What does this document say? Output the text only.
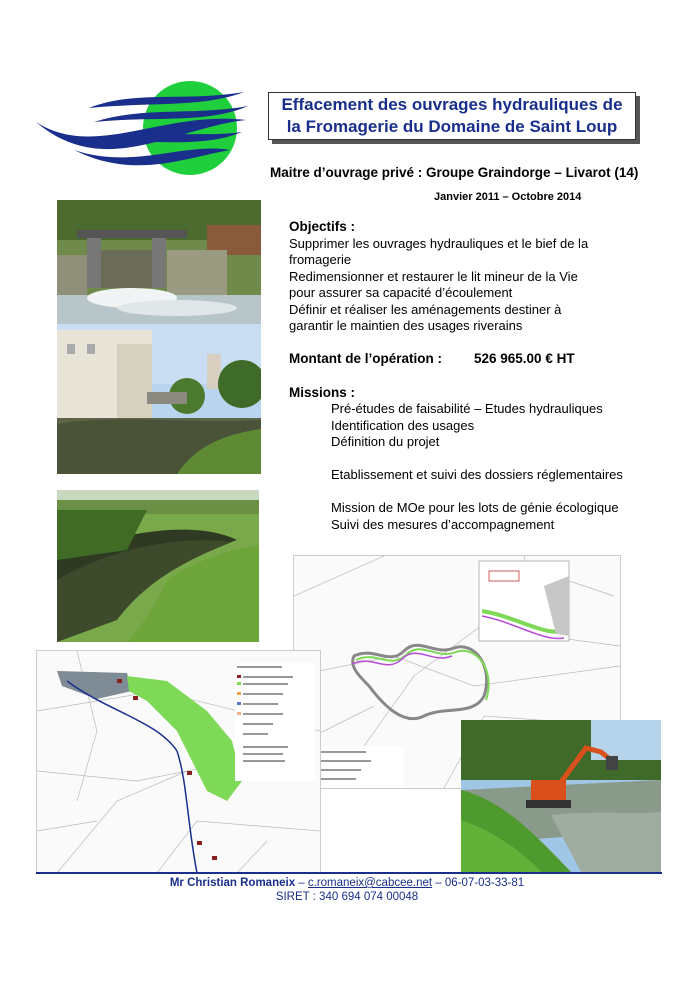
Effacement des ouvrages hydrauliques de
la Fromagerie du Domaine de Saint Loup
Maitre d’ouvrage privé : Groupe Graindorge – Livarot (14)
Janvier 2011 – Octobre 2014
Objectifs :
Supprimer les ouvrages hydrauliques et le bief de la
fromagerie
Redimensionner et restaurer le lit mineur de la Vie
pour assurer sa capacité d’écoulement
Définir et réaliser les aménagements destiner à
garantir le maintien des usages riverains
Montant de l’opération : 526 965.00 € HT
Missions :
Pré-études de faisabilité – Etudes hydrauliques
Identification des usages
Définition du projet
Etablissement et suivi des dossiers réglementaires
Mission de MOe pour les lots de génie écologique
Suivi des mesures d’accompagnement
Mr Christian Romaneix – c.romaneix@cabcee.net – 06-07-03-33-81
SIRET : 340 694 074 00048
